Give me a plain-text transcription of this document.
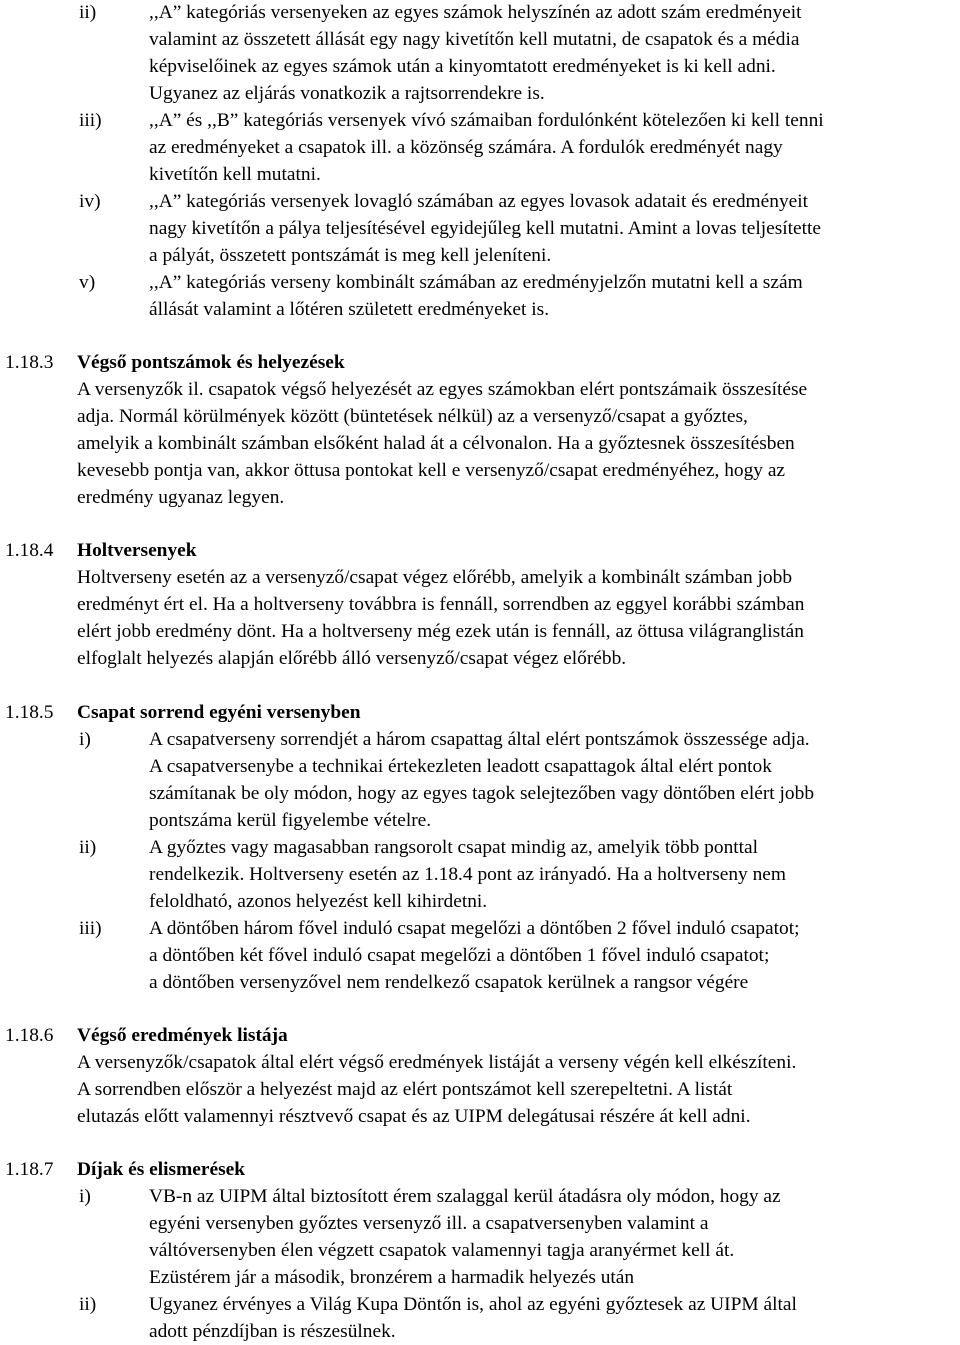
ii)	,,A” kategóriás versenyeken az egyes számok helyszínén az adott szám eredményeit
valamint az összetett állását egy nagy kivetítőn kell mutatni, de csapatok és a média
képviselőinek az egyes számok után a kinyomtatott eredményeket is ki kell adni.
Ugyanez az eljárás vonatkozik a rajtsorrendekre is.
iii) ,,A” és ,,B” kategóriás versenyek vívó számaiban fordulónként kötelezően ki kell tenni
az eredményeket a csapatok ill. a közönség számára. A fordulók eredményét nagy
kivetítőn kell mutatni.
iv) ,,A” kategóriás versenyek lovagló számában az egyes lovasok adatait és eredményeit
nagy kivetítőn a pálya teljesítésével egyidejűleg kell mutatni. Amint a lovas teljesítette
a pályát, összetett pontszámát is meg kell jeleníteni.
v)	,,A” kategóriás verseny kombinált számában az eredményjelzőn mutatni kell a szám
állását valamint a lőtéren született eredményeket is.
1.18.3 Végső pontszámok és helyezések
A versenyzők il. csapatok végső helyezését az egyes számokban elért pontszámaik összesítése
adja. Normál körülmények között (büntetések nélkül) az a versenyző/csapat a győztes,
amelyik a kombinált számban elsőként halad át a célvonalon. Ha a győztesnek összesítésben
kevesebb pontja van, akkor öttusa pontokat kell e versenyző/csapat eredményéhez, hogy az
eredmény ugyanaz legyen.
1.18.4 Holtversenyek
Holtverseny esetén az a versenyző/csapat végez előrébb, amelyik a kombinált számban jobb
eredményt ért el. Ha a holtverseny továbbra is fennáll, sorrendben az eggyel korábbi számban
elért jobb eredmény dönt. Ha a holtverseny még ezek után is fennáll, az öttusa világranglistán
elfoglalt helyezés alapján előrébb álló versenyző/csapat végez előrébb.
1.18.5 Csapat sorrend egyéni versenyben
i)	A csapatverseny sorrendjét a három csapattag által elért pontszámok összessége adja.
A csapatversenybe a technikai értekezleten leadott csapattagok által elért pontok
számítanak be oly módon, hogy az egyes tagok selejtezőben vagy döntőben elért jobb
pontszáma kerül figyelembe vételre.
ii)	A győztes vagy magasabban rangsorolt csapat mindig az, amelyik több ponttal
rendelkezik. Holtverseny esetén az 1.18.4 pont az irányadó. Ha a holtverseny nem
feloldható, azonos helyezést kell kihirdetni.
iii) A döntőben három fővel induló csapat megelőzi a döntőben 2 fővel induló csapatot;
a döntőben két fővel induló csapat megelőzi a döntőben 1 fővel induló csapatot;
a döntőben versenyzővel nem rendelkező csapatok kerülnek a rangsor végére
1.18.6 Végső eredmények listája
A versenyzők/csapatok által elért végső eredmények listáját a verseny végén kell elkészíteni.
A sorrendben először a helyezést majd az elért pontszámot kell szerepeltetni. A listát
elutazás előtt valamennyi résztvevő csapat és az UIPM delegátusai részére át kell adni.
1.18.7 Díjak és elismerések
i)	VB-n az UIPM által biztosított érem szalaggal kerül átadásra oly módon, hogy az
egyéni versenyben győztes versenyző ill. a csapatversenyben valamint a
váltóversenyben élen végzett csapatok valamennyi tagja aranyérmet kell át.
Ezüstérem jár a második, bronzérem a harmadik helyezés után
ii)	Ugyanez érvényes a Világ Kupa Döntőn is, ahol az egyéni győztesek az UIPM által
adott pénzdíjban is részesülnek.
